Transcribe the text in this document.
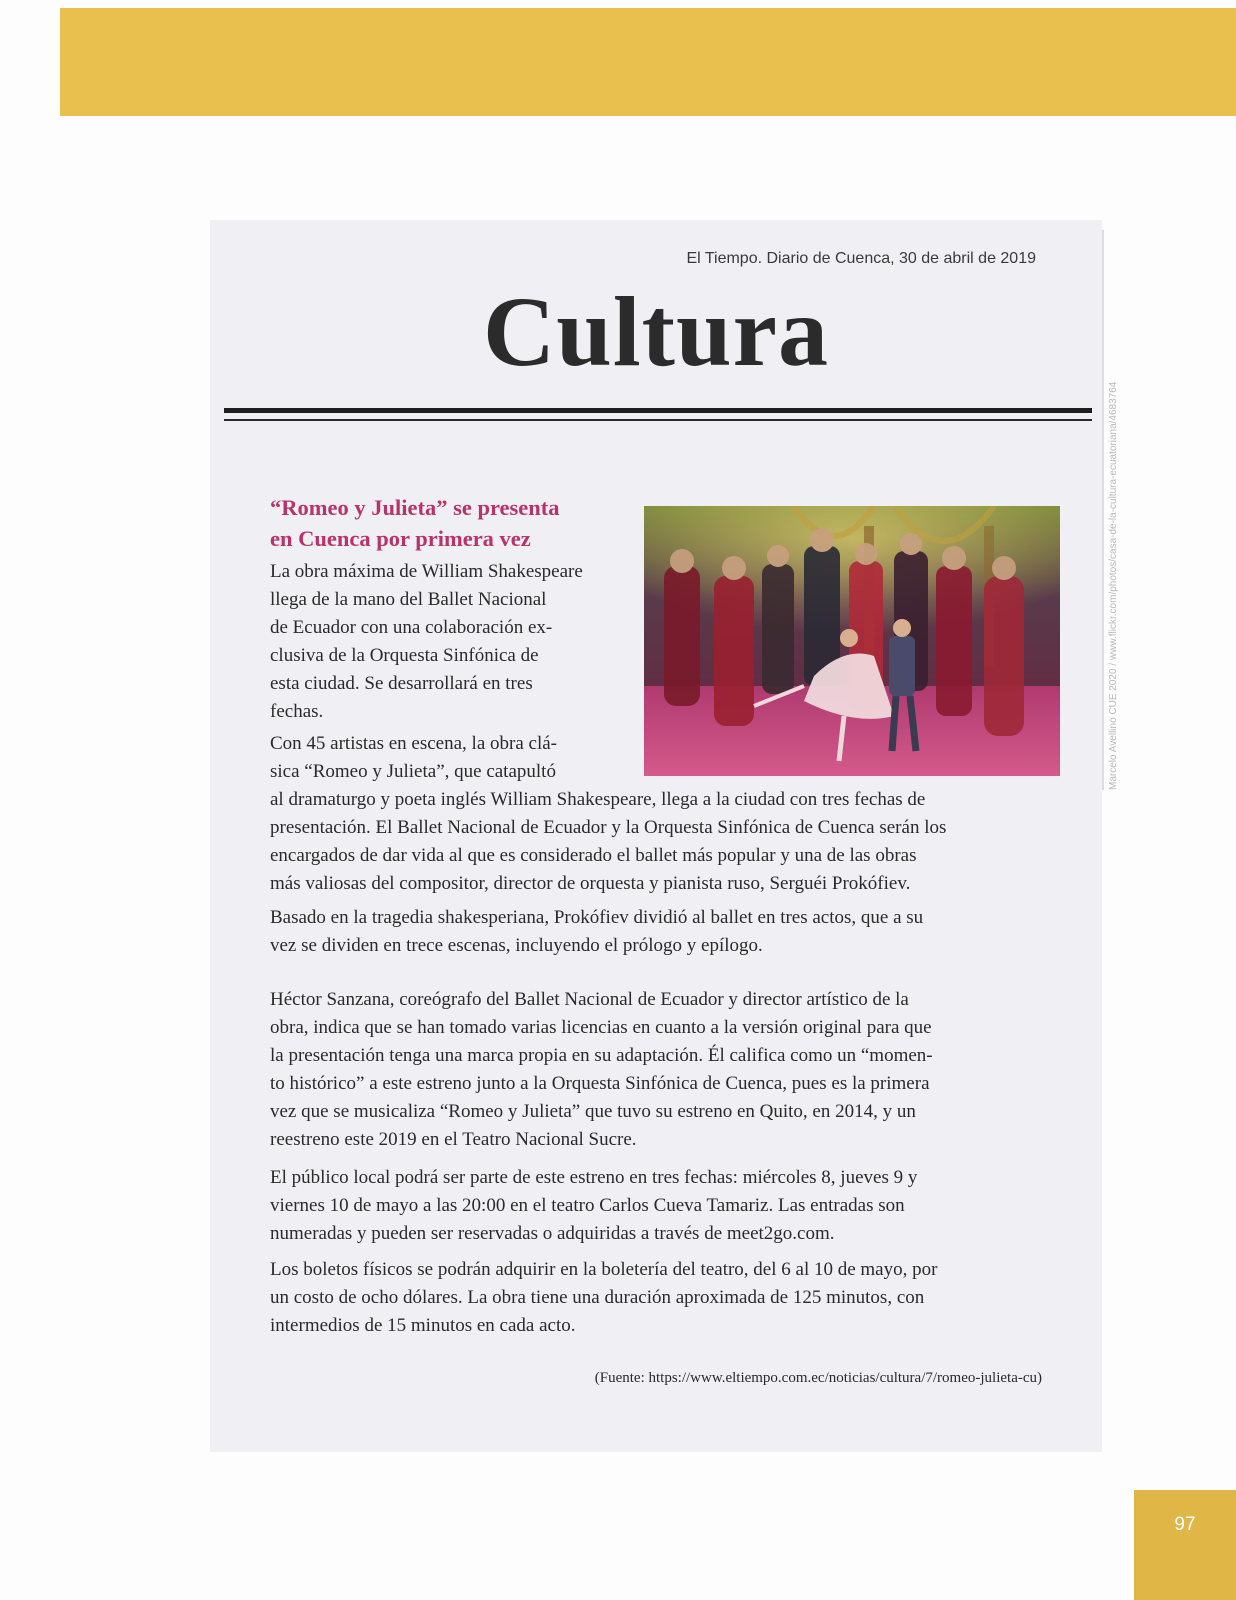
Marcelo Avellino CUE 2020 / www.flickr.com/photos/casa-de-la-cultura-ecuatoriana/4683764
El Tiempo. Diario de Cuenca, 30 de abril de 2019
Cultura
“Romeo y Julieta” se presenta
en Cuenca por primera vez
La obra máxima de William Shakespeare
llega de la mano del Ballet Nacional
de Ecuador con una colaboración ex-
clusiva de la Orquesta Sinfónica de
esta ciudad. Se desarrollará en tres
fechas.
Con 45 artistas en escena, la obra clá-
sica “Romeo y Julieta”, que catapultó
al dramaturgo y poeta inglés William Shakespeare, llega a la ciudad con tres fechas de
presentación. El Ballet Nacional de Ecuador y la Orquesta Sinfónica de Cuenca serán los
encargados de dar vida al que es considerado el ballet más popular y una de las obras
más valiosas del compositor, director de orquesta y pianista ruso, Serguéi Prokófiev.
Basado en la tragedia shakesperiana, Prokófiev dividió al ballet en tres actos, que a su
vez se dividen en trece escenas, incluyendo el prólogo y epílogo.
Héctor Sanzana, coreógrafo del Ballet Nacional de Ecuador y director artístico de la
obra, indica que se han tomado varias licencias en cuanto a la versión original para que
la presentación tenga una marca propia en su adaptación. Él califica como un “momen-
to histórico” a este estreno junto a la Orquesta Sinfónica de Cuenca, pues es la primera
vez que se musicaliza “Romeo y Julieta” que tuvo su estreno en Quito, en 2014, y un
reestreno este 2019 en el Teatro Nacional Sucre.
El público local podrá ser parte de este estreno en tres fechas: miércoles 8, jueves 9 y
viernes 10 de mayo a las 20:00 en el teatro Carlos Cueva Tamariz. Las entradas son
numeradas y pueden ser reservadas o adquiridas a través de meet2go.com.
Los boletos físicos se podrán adquirir en la boletería del teatro, del 6 al 10 de mayo, por
un costo de ocho dólares. La obra tiene una duración aproximada de 125 minutos, con
intermedios de 15 minutos en cada acto.
(Fuente: https://www.eltiempo.com.ec/noticias/cultura/7/romeo-julieta-cu)
97
